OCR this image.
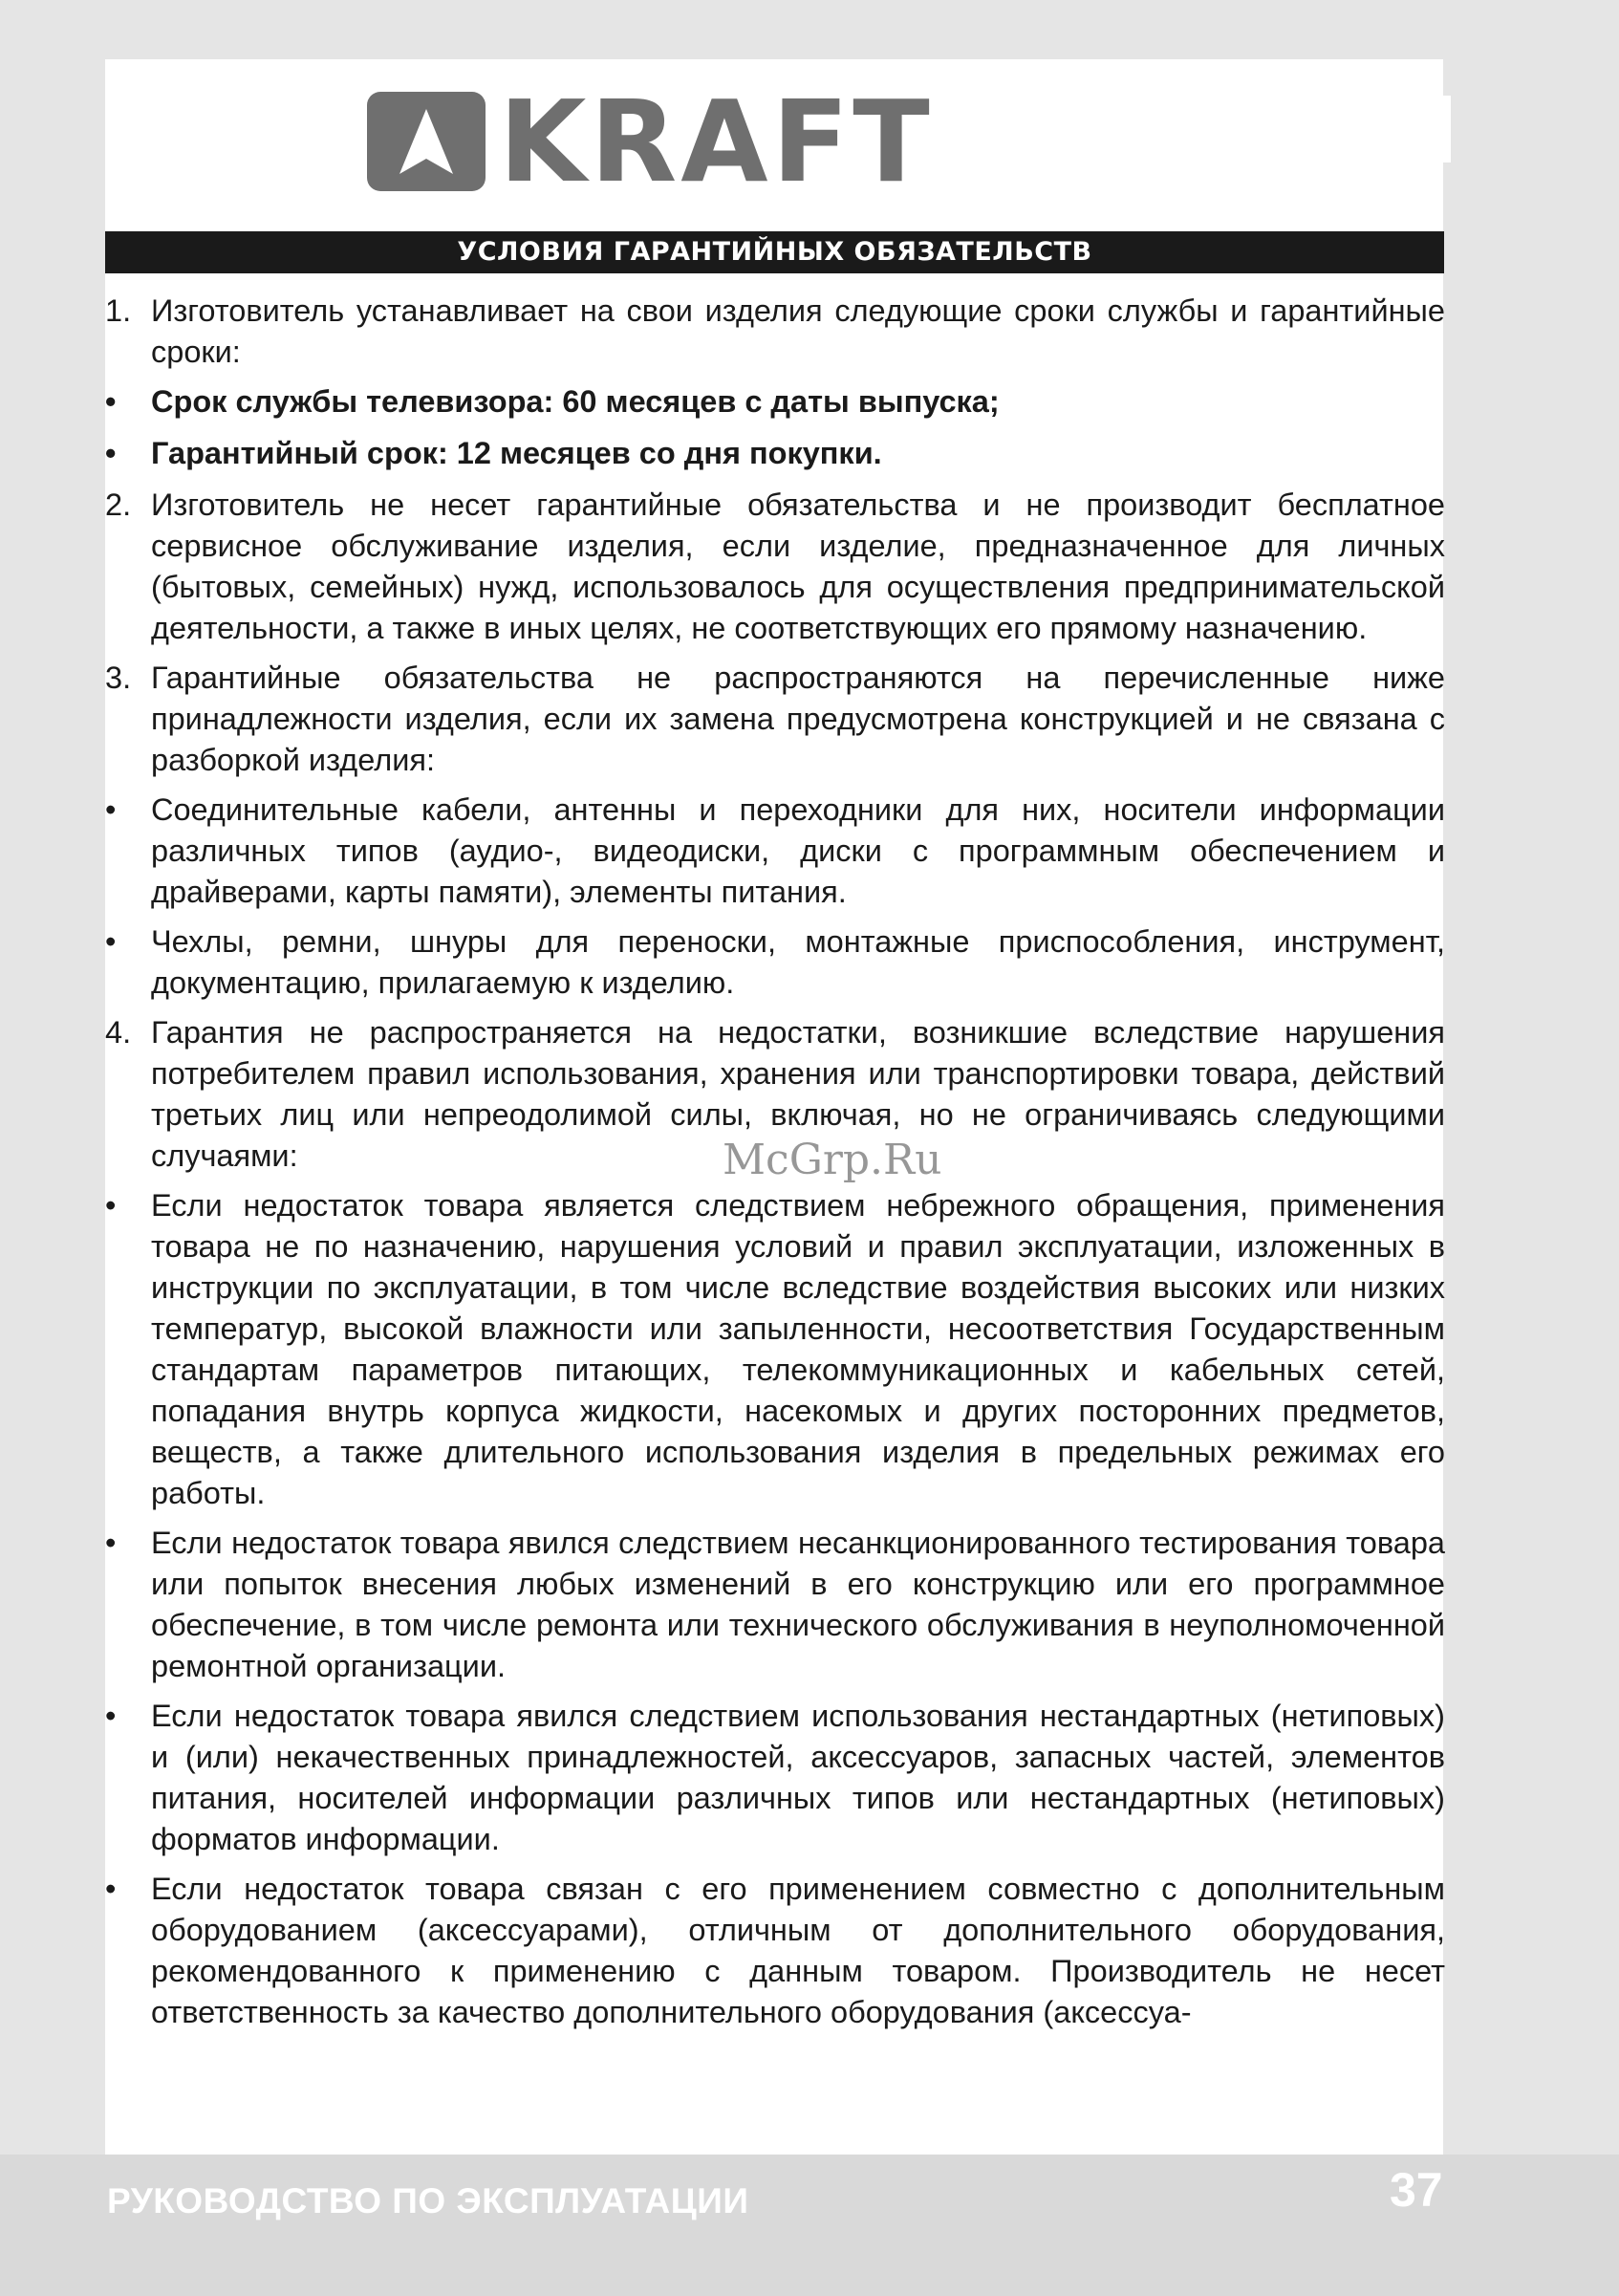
KRAFT
УСЛОВИЯ ГАРАНТИЙНЫХ ОБЯЗАТЕЛЬСТВ
1. Изготовитель устанавливает на свои изделия следующие сроки службы и гарантийные сроки:
• Срок службы телевизора: 60 месяцев с даты выпуска;
• Гарантийный срок: 12 месяцев со дня покупки.
2. Изготовитель не несет гарантийные обязательства и не производит бесплатное сервисное обслуживание изделия, если изделие, предназначенное для личных (бытовых, семейных) нужд, использовалось для осуществления предпринимательской деятельности, а также в иных целях, не соответствующих его прямому назначению.
3. Гарантийные обязательства не распространяются на перечисленные ниже принадлежности изделия, если их замена предусмотрена конструкцией и не связана с разборкой изделия:
• Соединительные кабели, антенны и переходники для них, носители информации различных типов (аудио-, видеодиски, диски с программным обеспечением и драйверами, карты памяти), элементы питания.
• Чехлы, ремни, шнуры для переноски, монтажные приспособления, инструмент, документацию, прилагаемую к изделию.
4. Гарантия не распространяется на недостатки, возникшие вследствие нарушения потребителем правил использования, хранения или транспортировки товара, действий третьих лиц или непреодолимой силы, включая, но не ограничиваясь следующими случаями:
• Если недостаток товара является следствием небрежного обращения, применения товара не по назначению, нарушения условий и правил эксплуатации, изложенных в инструкции по эксплуатации, в том числе вследствие воздействия высоких или низких температур, высокой влажности или запыленности, несоответствия Государственным стандартам параметров питающих, телекоммуникационных и кабельных сетей, попадания внутрь корпуса жидкости, насекомых и других посторонних предметов, веществ, а также длительного использования изделия в предельных режимах его работы.
• Если недостаток товара явился следствием несанкционированного тестирования товара или попыток внесения любых изменений в его конструкцию или его программное обеспечение, в том числе ремонта или технического обслуживания в неуполномоченной ремонтной организации.
• Если недостаток товара явился следствием использования нестандартных (нетиповых) и (или) некачественных принадлежностей, аксессуаров, запасных частей, элементов питания, носителей информации различных типов или нестандартных (нетиповых) форматов информации.
• Если недостаток товара связан с его применением совместно с дополнительным оборудованием (аксессуарами), отличным от дополнительного оборудования, рекомендованного к применению с данным товаром. Производитель не несет ответственность за качество дополнительного оборудования (аксессуа-
McGrp.Ru
РУКОВОДСТВО ПО ЭКСПЛУАТАЦИИ	37
